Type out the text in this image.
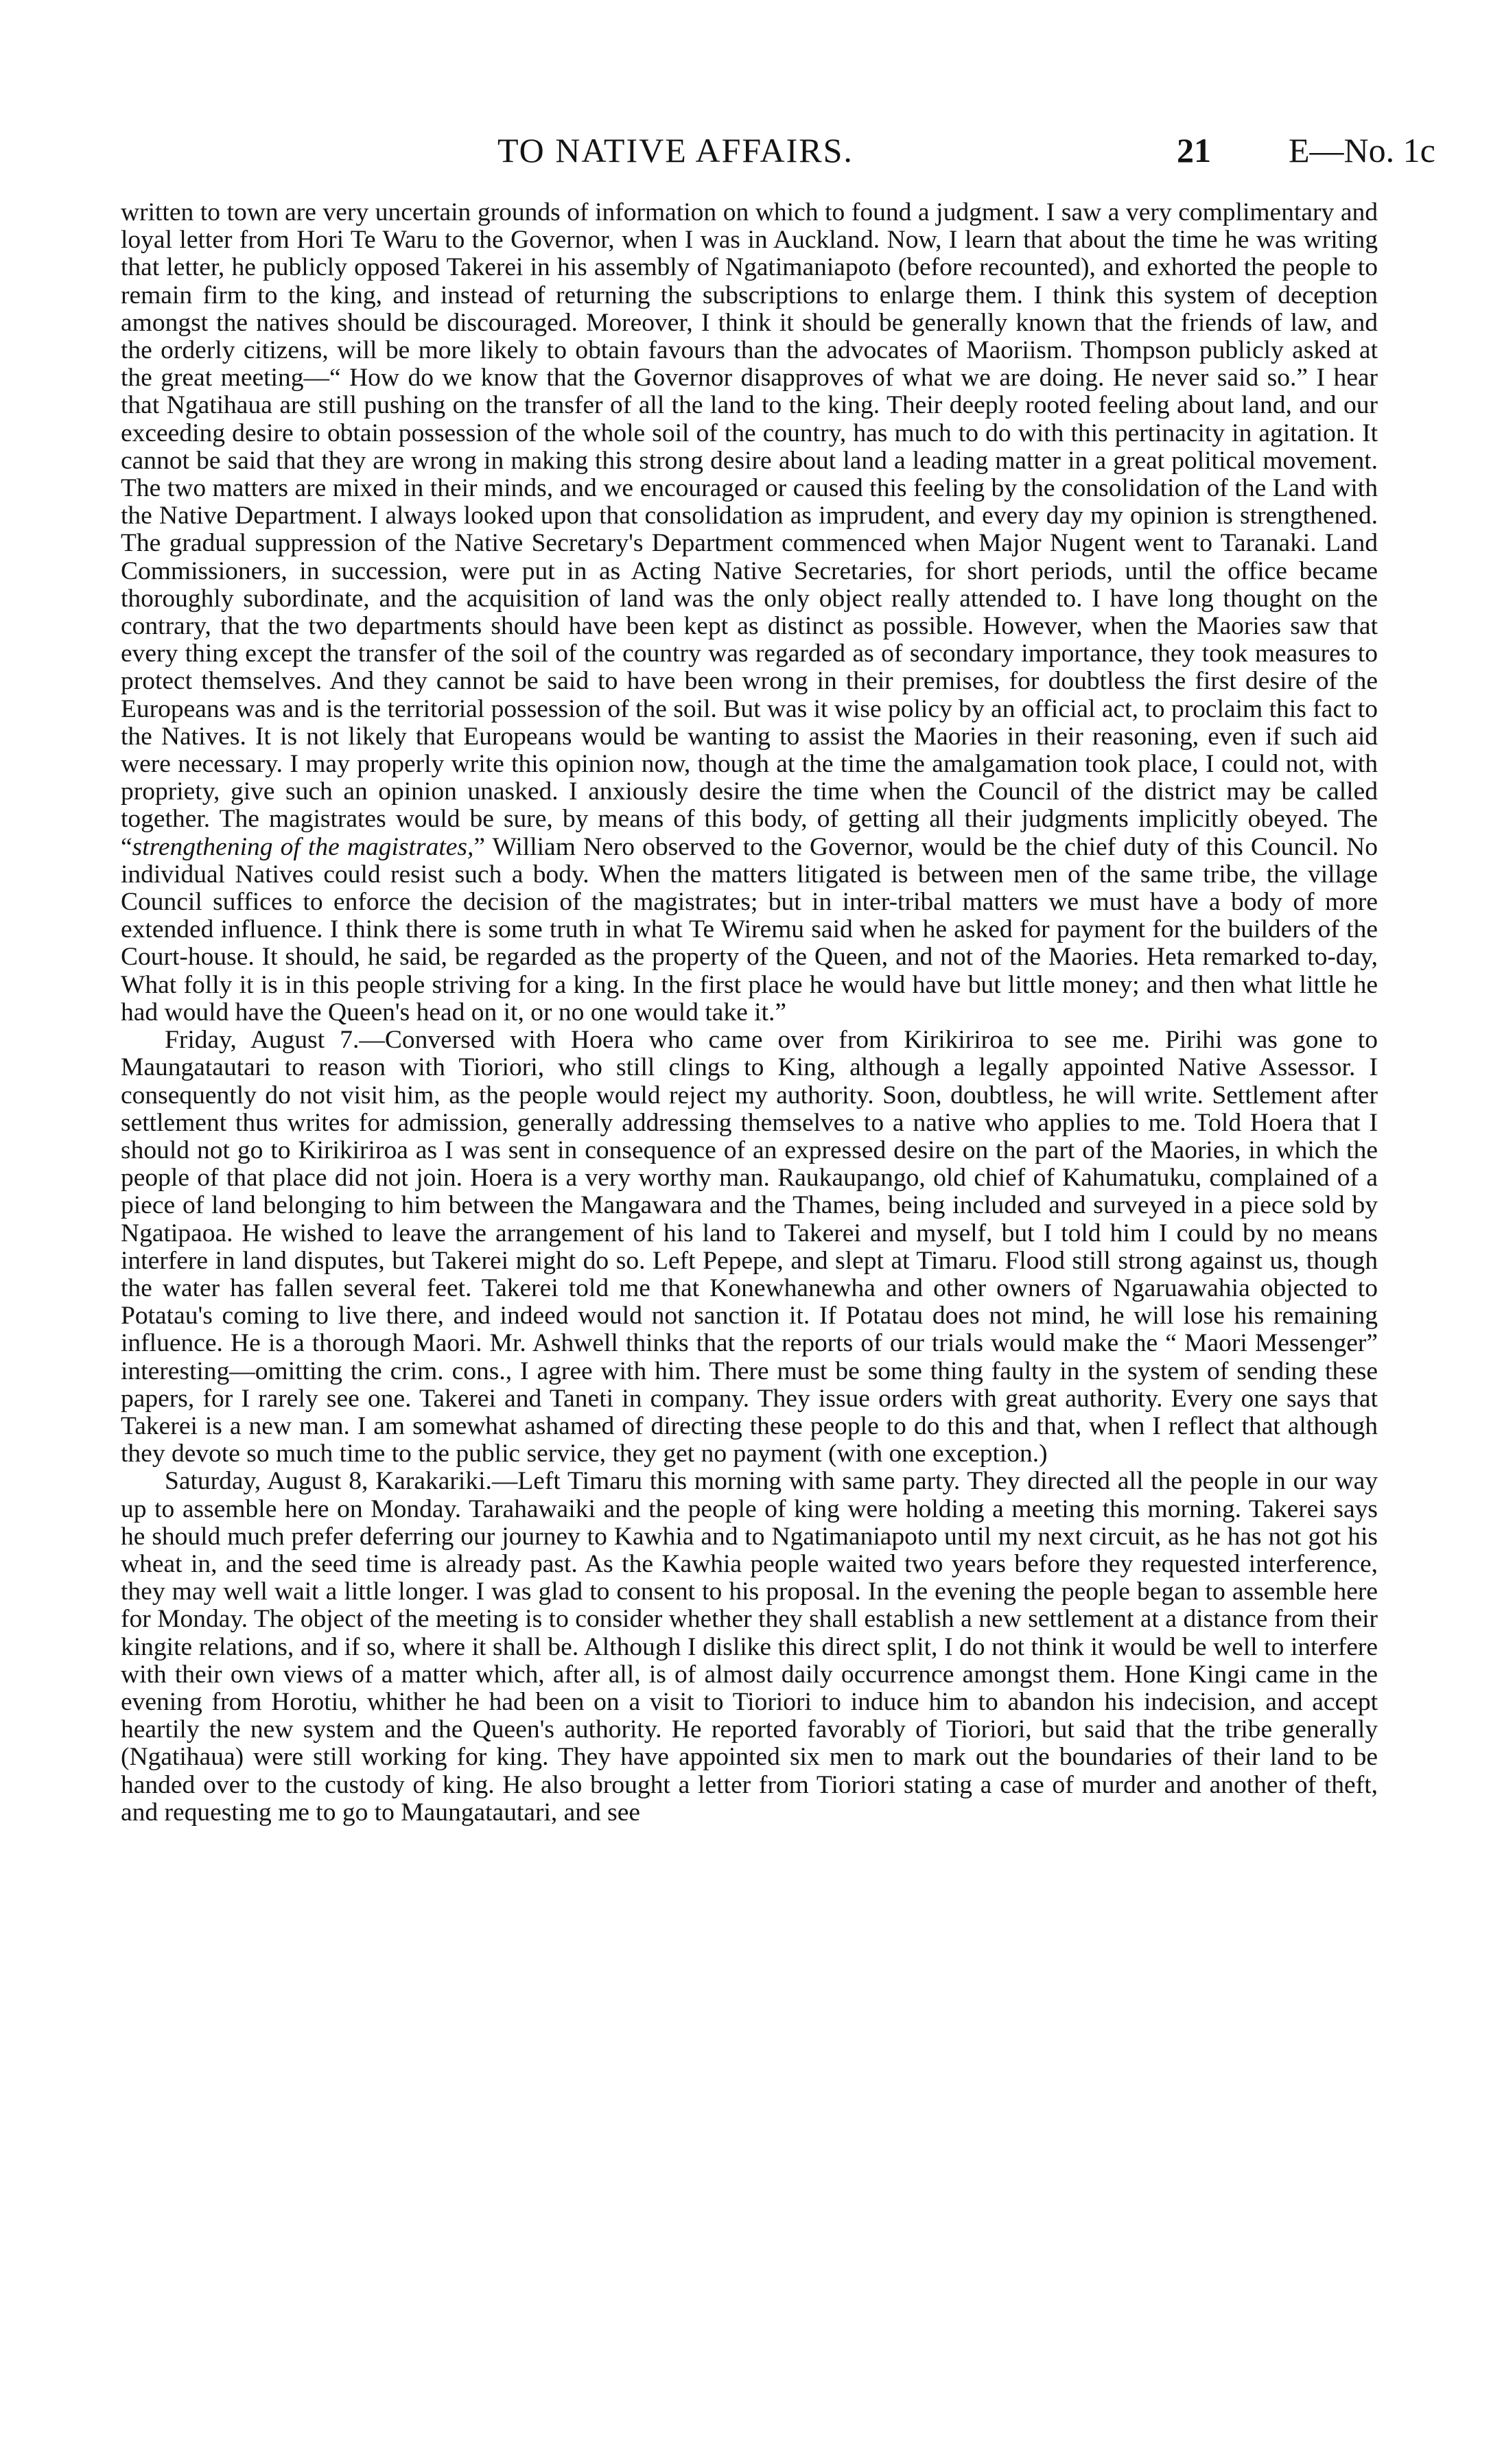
TO NATIVE AFFAIRS.	21 E—No. 1c

written to town are very uncertain grounds of information on which to found a judgment. I saw a very complimentary and loyal letter from Hori Te Waru to the Governor, when I was in Auckland. Now, I learn that about the time he was writing that letter, he publicly opposed Takerei in his assembly of Ngatimaniapoto (before recounted), and exhorted the people to remain firm to the king, and instead of returning the subscriptions to enlarge them. I think this system of deception amongst the natives should be discouraged. Moreover, I think it should be generally known that the friends of law, and the orderly citizens, will be more likely to obtain favours than the advocates of Maoriism. Thompson publicly asked at the great meeting—“ How do we know that the Governor disapproves of what we are doing. He never said so.” I hear that Ngatihaua are still pushing on the transfer of all the land to the king. Their deeply rooted feeling about land, and our exceeding desire to obtain possession of the whole soil of the country, has much to do with this pertinacity in agitation. It cannot be said that they are wrong in making this strong desire about land a leading matter in a great political movement. The two matters are mixed in their minds, and we encouraged or caused this feeling by the consolidation of the Land with the Native Department. I always looked upon that consolidation as imprudent, and every day my opinion is strengthened. The gradual suppression of the Native Secretary's Department commenced when Major Nugent went to Taranaki. Land Commissioners, in succession, were put in as Acting Native Secretaries, for short periods, until the office became thoroughly subordinate, and the acquisition of land was the only object really attended to. I have long thought on the contrary, that the two departments should have been kept as distinct as possible. However, when the Maories saw that every thing except the transfer of the soil of the country was regarded as of secondary importance, they took measures to protect themselves. And they cannot be said to have been wrong in their premises, for doubtless the first desire of the Europeans was and is the territorial possession of the soil. But was it wise policy by an official act, to proclaim this fact to the Natives. It is not likely that Europeans would be wanting to assist the Maories in their reasoning, even if such aid were necessary. I may properly write this opinion now, though at the time the amalgamation took place, I could not, with propriety, give such an opinion unasked. I anxiously desire the time when the Council of the district may be called together. The magistrates would be sure, by means of this body, of getting all their judgments implicitly obeyed. The “strengthening of the magistrates,” William Nero observed to the Governor, would be the chief duty of this Council. No individual Natives could resist such a body. When the matters litigated is between men of the same tribe, the village Council suffices to enforce the decision of the magistrates; but in inter-tribal matters we must have a body of more extended influence. I think there is some truth in what Te Wiremu said when he asked for payment for the builders of the Court-house. It should, he said, be regarded as the property of the Queen, and not of the Maories. Heta remarked to-day, What folly it is in this people striving for a king. In the first place he would have but little money; and then what little he had would have the Queen's head on it, or no one would take it.”

Friday, August 7.—Conversed with Hoera who came over from Kirikiriroa to see me. Pirihi was gone to Maungatautari to reason with Tioriori, who still clings to King, although a legally appointed Native Assessor. I consequently do not visit him, as the people would reject my authority. Soon, doubtless, he will write. Settlement after settlement thus writes for admission, generally addressing themselves to a native who applies to me. Told Hoera that I should not go to Kirikiriroa as I was sent in consequence of an expressed desire on the part of the Maories, in which the people of that place did not join. Hoera is a very worthy man. Raukaupango, old chief of Kahumatuku, complained of a piece of land belonging to him between the Mangawara and the Thames, being included and surveyed in a piece sold by Ngatipaoa. He wished to leave the arrangement of his land to Takerei and myself, but I told him I could by no means interfere in land disputes, but Takerei might do so. Left Pepepe, and slept at Timaru. Flood still strong against us, though the water has fallen several feet. Takerei told me that Konewhanewha and other owners of Ngaruawahia objected to Potatau's coming to live there, and indeed would not sanction it. If Potatau does not mind, he will lose his remaining influence. He is a thorough Maori. Mr. Ashwell thinks that the reports of our trials would make the “ Maori Messenger” interesting—omitting the crim. cons., I agree with him. There must be some thing faulty in the system of sending these papers, for I rarely see one. Takerei and Taneti in company. They issue orders with great authority. Every one says that Takerei is a new man. I am somewhat ashamed of directing these people to do this and that, when I reflect that although they devote so much time to the public service, they get no payment (with one exception.)

Saturday, August 8, Karakariki.—Left Timaru this morning with same party. They directed all the people in our way up to assemble here on Monday. Tarahawaiki and the people of king were holding a meeting this morning. Takerei says he should much prefer deferring our journey to Kawhia and to Ngatimaniapoto until my next circuit, as he has not got his wheat in, and the seed time is already past. As the Kawhia people waited two years before they requested interference, they may well wait a little longer. I was glad to consent to his proposal. In the evening the people began to assemble here for Monday. The object of the meeting is to consider whether they shall establish a new settlement at a distance from their kingite relations, and if so, where it shall be. Although I dislike this direct split, I do not think it would be well to interfere with their own views of a matter which, after all, is of almost daily occurrence amongst them. Hone Kingi came in the evening from Horotiu, whither he had been on a visit to Tioriori to induce him to abandon his indecision, and accept heartily the new system and the Queen's authority. He reported favorably of Tioriori, but said that the tribe generally (Ngatihaua) were still working for king. They have appointed six men to mark out the boundaries of their land to be handed over to the custody of king. He also brought a letter from Tioriori stating a case of murder and another of theft, and requesting me to go to Maungatautari, and see
